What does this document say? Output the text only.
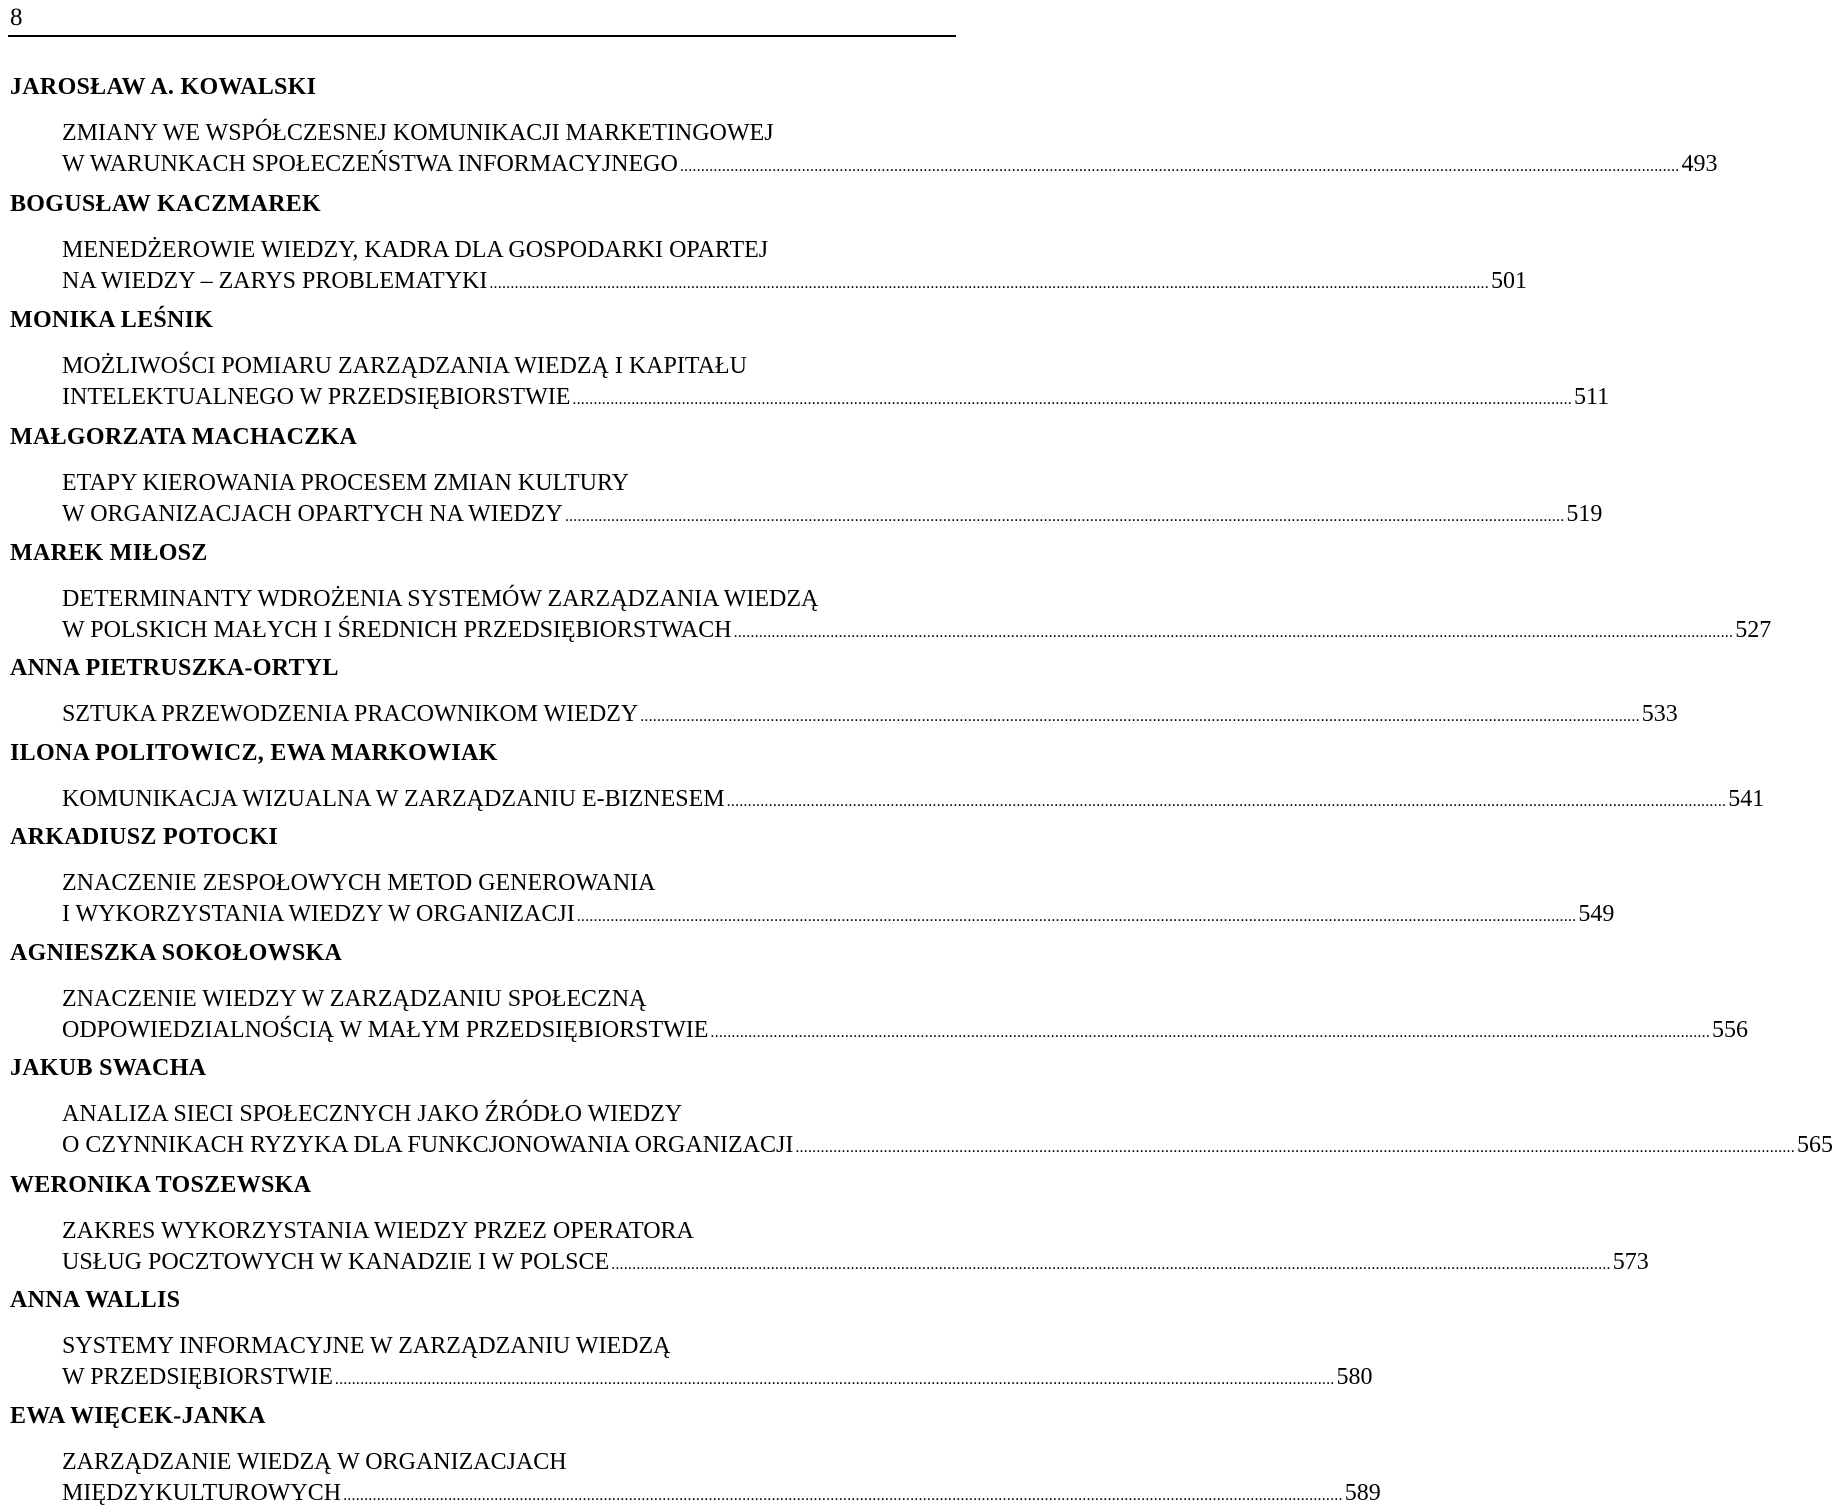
8
JAROSŁAW A. KOWALSKI
ZMIANY WE WSPÓŁCZESNEJ KOMUNIKACJI MARKETINGOWEJ
W WARUNKACH SPOŁECZEŃSTWA INFORMACYJNEGO .............................................................................................................................................................................................................................................. 493
BOGUSŁAW KACZMAREK
MENEDŻEROWIE WIEDZY, KADRA DLA GOSPODARKI OPARTEJ
NA WIEDZY – ZARYS PROBLEMATYKI .............................................................................................................................................................................................................................................. 501
MONIKA LEŚNIK
MOŻLIWOŚCI POMIARU ZARZĄDZANIA WIEDZĄ I KAPITAŁU
INTELEKTUALNEGO W PRZEDSIĘBIORSTWIE .............................................................................................................................................................................................................................................. 511
MAŁGORZATA MACHACZKA
ETAPY KIEROWANIA PROCESEM ZMIAN KULTURY
W ORGANIZACJACH OPARTYCH NA WIEDZY .............................................................................................................................................................................................................................................. 519
MAREK MIŁOSZ
DETERMINANTY WDROŻENIA SYSTEMÓW ZARZĄDZANIA WIEDZĄ
W POLSKICH MAŁYCH I ŚREDNICH PRZEDSIĘBIORSTWACH .............................................................................................................................................................................................................................................. 527
ANNA PIETRUSZKA-ORTYL
SZTUKA PRZEWODZENIA PRACOWNIKOM WIEDZY .............................................................................................................................................................................................................................................. 533
ILONA POLITOWICZ, EWA MARKOWIAK
KOMUNIKACJA WIZUALNA W ZARZĄDZANIU E-BIZNESEM .............................................................................................................................................................................................................................................. 541
ARKADIUSZ POTOCKI
ZNACZENIE ZESPOŁOWYCH METOD GENEROWANIA
I WYKORZYSTANIA WIEDZY W ORGANIZACJI .............................................................................................................................................................................................................................................. 549
AGNIESZKA SOKOŁOWSKA
ZNACZENIE WIEDZY W ZARZĄDZANIU SPOŁECZNĄ
ODPOWIEDZIALNOŚCIĄ W MAŁYM PRZEDSIĘBIORSTWIE .............................................................................................................................................................................................................................................. 556
JAKUB SWACHA
ANALIZA SIECI SPOŁECZNYCH JAKO ŹRÓDŁO WIEDZY
O CZYNNIKACH RYZYKA DLA FUNKCJONOWANIA ORGANIZACJI .............................................................................................................................................................................................................................................. 565
WERONIKA TOSZEWSKA
ZAKRES WYKORZYSTANIA WIEDZY PRZEZ OPERATORA
USŁUG POCZTOWYCH W KANADZIE I W POLSCE .............................................................................................................................................................................................................................................. 573
ANNA WALLIS
SYSTEMY INFORMACYJNE W ZARZĄDZANIU WIEDZĄ
W PRZEDSIĘBIORSTWIE .............................................................................................................................................................................................................................................. 580
EWA WIĘCEK-JANKA
ZARZĄDZANIE WIEDZĄ W ORGANIZACJACH
MIĘDZYKULTUROWYCH .............................................................................................................................................................................................................................................. 589
